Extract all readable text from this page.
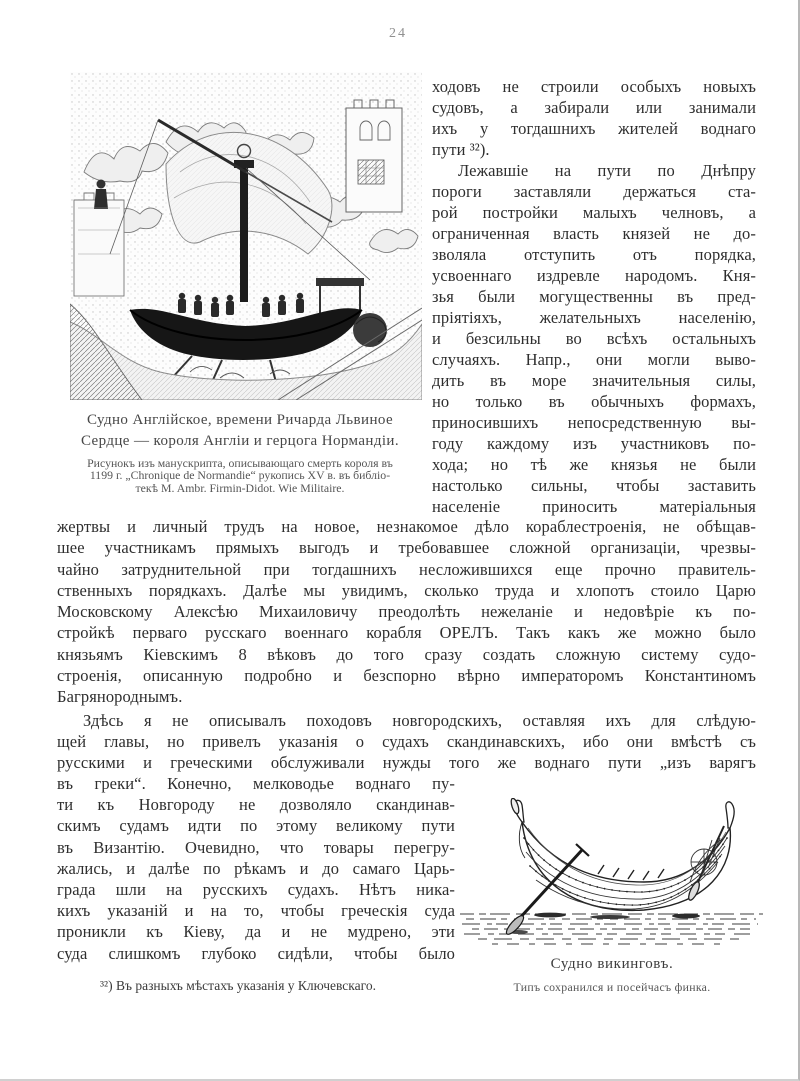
24
Судно Англійское, времени Ричарда Львиное
Сердце — короля Англіи и герцога Нормандіи.
Рисунокъ изъ манускрипта, описывающаго смерть короля въ
1199 г. „Chronique de Normandie“ рукопись XV в. въ библіо-
текѣ M. Ambr. Firmin-Didot. Wie Militaire.
ходовъ не строили особыхъ новыхъ
судовъ, а забирали или занимали
ихъ у тогдашнихъ жителей воднаго
пути ³²).
Лежавшіе на пути по Днѣпру
пороги заставляли держаться ста-
рой постройки малыхъ челновъ, а
ограниченная власть князей не до-
зволяла отступить отъ порядка,
усвоеннаго издревле народомъ. Кня-
зья были могущественны въ пред-
пріятіяхъ, желательныхъ населенію,
и безсильны во всѣхъ остальныхъ
случаяхъ. Напр., они могли выво-
дить въ море значительныя силы,
но только въ обычныхъ формахъ,
приносившихъ непосредственную вы-
году каждому изъ участниковъ по-
хода; но тѣ же князья не были
настолько сильны, чтобы заставить
населеніе приносить матеріальныя
жертвы и личный трудъ на новое, незнакомое дѣло кораблестроенія, не обѣщав-
шее участникамъ прямыхъ выгодъ и требовавшее сложной организаціи, чрезвы-
чайно затруднительной при тогдашнихъ несложившихся еще прочно правитель-
ственныхъ порядкахъ. Далѣе мы увидимъ, сколько труда и хлопотъ стоило Царю
Московскому Алексѣю Михаиловичу преодолѣть нежеланіе и недовѣріе къ по-
стройкѣ перваго русскаго военнаго корабля ОРЕЛЪ. Такъ какъ же можно было
князьямъ Кіевскимъ 8 вѣковъ до того сразу создать сложную систему судо-
строенія, описанную подробно и безспорно вѣрно императоромъ Константиномъ
Багрянороднымъ.
Здѣсь я не описывалъ походовъ новгородскихъ, оставляя ихъ для слѣдую-
щей главы, но привелъ указанія о судахъ скандинавскихъ, ибо они вмѣстѣ съ
русскими и греческими обслуживали нужды того же воднаго пути „изъ варягъ
въ греки“. Конечно, мелководье воднаго пу-
ти къ Новгороду не дозволяло скандинав-
скимъ судамъ идти по этому великому пути
въ Византію. Очевидно, что товары перегру-
жались, и далѣе по рѣкамъ и до самаго Царь-
града шли на русскихъ судахъ. Нѣтъ ника-
кихъ указаній и на то, чтобы греческія суда
проникли къ Кіеву, да и не мудрено, эти
суда слишкомъ глубоко сидѣли, чтобы было
Судно викинговъ.
Типъ сохранился и посейчасъ финка.
³²) Въ разныхъ мѣстахъ указанія у Ключевскаго.
